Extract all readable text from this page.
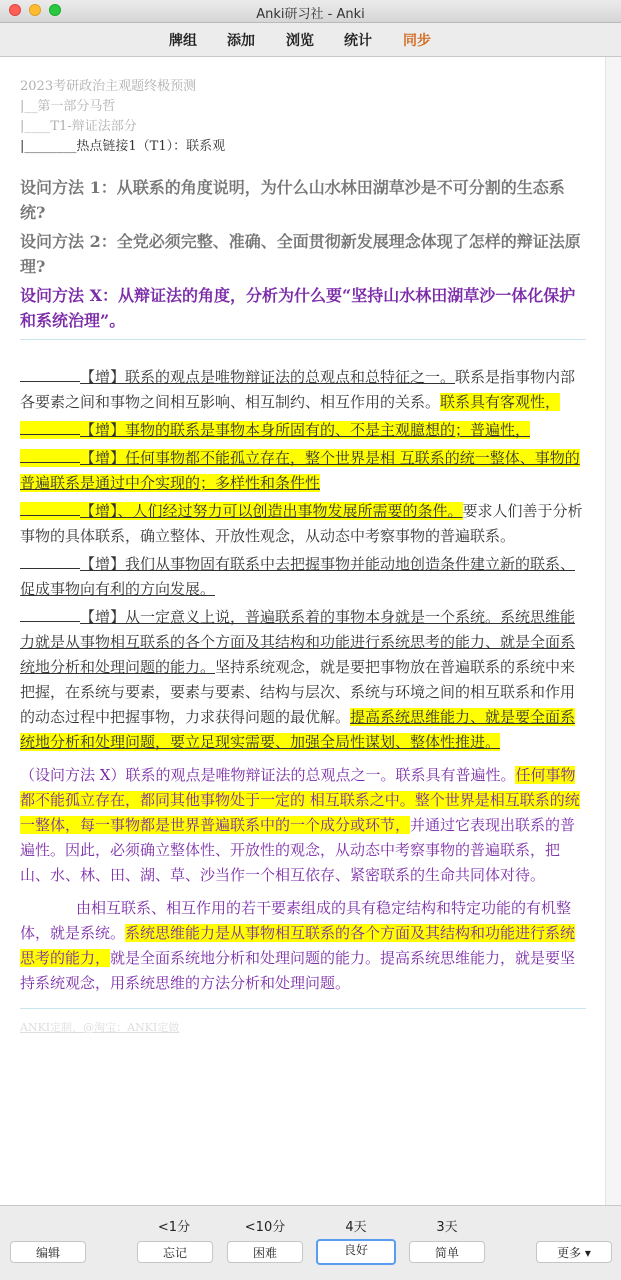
Anki研习社 - Anki
牌组 添加 浏览 统计 同步
2023考研政治主观题终极预测
|__第一部分马哲
|____T1-辩证法部分
|________热点链接1（T1）：联系观
设问方法 1：从联系的角度说明，为什么山水林田湖草沙是不可分割的生态系统?
设问方法 2：全党必须完整、准确、全面贯彻新发展理念体现了怎样的辩证法原理?
设问方法 X：从辩证法的角度，分析为什么要“坚持山水林田湖草沙一体化保护和系统治理”。
【增】联系的观点是唯物辩证法的总观点和总特征之一。联系是指事物内部各要素之间和事物之间相互影响、相互制约、相互作用的关系。联系具有客观性，
【增】事物的联系是事物本身所固有的、不是主观臆想的；普遍性，
【增】任何事物都不能孤立存在，整个世界是相 互联系的统一整体、事物的普遍联系是通过中介实现的；多样性和条件性
【增】、人们经过努力可以创造出事物发展所需要的条件。要求人们善于分析事物的具体联系，确立整体、开放性观念，从动态中考察事物的普遍联系。
【增】我们从事物固有联系中去把握事物并能动地创造条件建立新的联系、促成事物向有利的方向发展。
【增】从一定意义上说，普遍联系着的事物本身就是一个系统。系统思维能力就是从事物相互联系的各个方面及其结构和功能进行系统思考的能力、就是全面系统地分析和处理问题的能力。坚持系统观念，就是要把事物放在普遍联系的系统中来把握，在系统与要素，要素与要素、结构与层次、系统与环境之间的相互联系和作用的动态过程中把握事物，力求获得问题的最优解。提高系统思维能力、就是要全面系统地分析和处理问题，要立足现实需要、加强全局性谋划、整体性推进。
（设问方法 X）联系的观点是唯物辩证法的总观点之一。联系具有普遍性。任何事物都不能孤立存在，都同其他事物处于一定的 相互联系之中。整个世界是相互联系的统一整体，每一事物都是世界普遍联系中的一个成分或环节，并通过它表现出联系的普遍性。因此，必须确立整体性、开放性的观念，从动态中考察事物的普遍联系，把山、水、林、田、湖、草、沙当作一个相互依存、紧密联系的生命共同体对待。
由相互联系、相互作用的若干要素组成的具有稳定结构和特定功能的有机整体，就是系统。系统思维能力是从事物相互联系的各个方面及其结构和功能进行系统思考的能力，就是全面系统地分析和处理问题的能力。提高系统思维能力，就是要坚持系统观念，用系统思维的方法分析和处理问题。
ANKI定制，@淘宝：ANKI定做
编辑
<1分
忘记
<10分
困难
4天
良好
3天
简单	更多 ▾
